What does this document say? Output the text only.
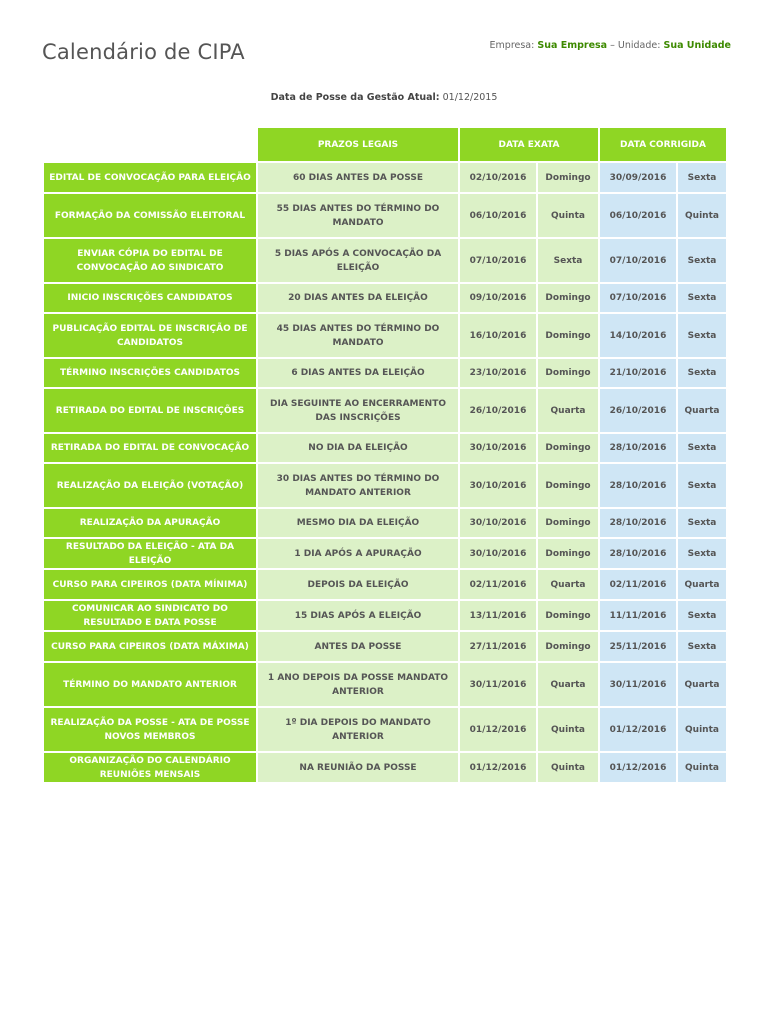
Calendário de CIPA	Empresa: Sua Empresa – Unidade: Sua Unidade
Data de Posse da Gestão Atual: 01/12/2015
	PRAZOS LEGAIS	DATA EXATA		DATA CORRIGIDA	
EDITAL DE CONVOCAÇÃO PARA ELEIÇÃO	60 DIAS ANTES DA POSSE	02/10/2016	Domingo	30/09/2016	Sexta
FORMAÇÃO DA COMISSÃO ELEITORAL	55 DIAS ANTES DO TÉRMINO DO MANDATO	06/10/2016	Quinta	06/10/2016	Quinta
ENVIAR CÓPIA DO EDITAL DE CONVOCAÇÃO AO SINDICATO	5 DIAS APÓS A CONVOCAÇÃO DA ELEIÇÃO	07/10/2016	Sexta	07/10/2016	Sexta
INICIO INSCRIÇÕES CANDIDATOS	20 DIAS ANTES DA ELEIÇÃO	09/10/2016	Domingo	07/10/2016	Sexta
PUBLICAÇÃO EDITAL DE INSCRIÇÃO DE CANDIDATOS	45 DIAS ANTES DO TÉRMINO DO MANDATO	16/10/2016	Domingo	14/10/2016	Sexta
TÉRMINO INSCRIÇÕES CANDIDATOS	6 DIAS ANTES DA ELEIÇÃO	23/10/2016	Domingo	21/10/2016	Sexta
RETIRADA DO EDITAL DE INSCRIÇÕES	DIA SEGUINTE AO ENCERRAMENTO DAS INSCRIÇÕES	26/10/2016	Quarta	26/10/2016	Quarta
RETIRADA DO EDITAL DE CONVOCAÇÃO	NO DIA DA ELEIÇÃO	30/10/2016	Domingo	28/10/2016	Sexta
REALIZAÇÃO DA ELEIÇÃO (VOTAÇÃO)	30 DIAS ANTES DO TÉRMINO DO MANDATO ANTERIOR	30/10/2016	Domingo	28/10/2016	Sexta
REALIZAÇÃO DA APURAÇÃO	MESMO DIA DA ELEIÇÃO	30/10/2016	Domingo	28/10/2016	Sexta
RESULTADO DA ELEIÇÃO - ATA DA ELEIÇÃO	1 DIA APÓS A APURAÇÃO	30/10/2016	Domingo	28/10/2016	Sexta
CURSO PARA CIPEIROS (DATA MÍNIMA)	DEPOIS DA ELEIÇÃO	02/11/2016	Quarta	02/11/2016	Quarta
COMUNICAR AO SINDICATO DO RESULTADO E DATA POSSE	15 DIAS APÓS A ELEIÇÃO	13/11/2016	Domingo	11/11/2016	Sexta
CURSO PARA CIPEIROS (DATA MÁXIMA)	ANTES DA POSSE	27/11/2016	Domingo	25/11/2016	Sexta
TÉRMINO DO MANDATO ANTERIOR	1 ANO DEPOIS DA POSSE MANDATO ANTERIOR	30/11/2016	Quarta	30/11/2016	Quarta
REALIZAÇÃO DA POSSE - ATA DE POSSE NOVOS MEMBROS	1º DIA DEPOIS DO MANDATO ANTERIOR	01/12/2016	Quinta	01/12/2016	Quinta
ORGANIZAÇÃO DO CALENDÁRIO REUNIÕES MENSAIS	NA REUNIÃO DA POSSE	01/12/2016	Quinta	01/12/2016	Quinta
